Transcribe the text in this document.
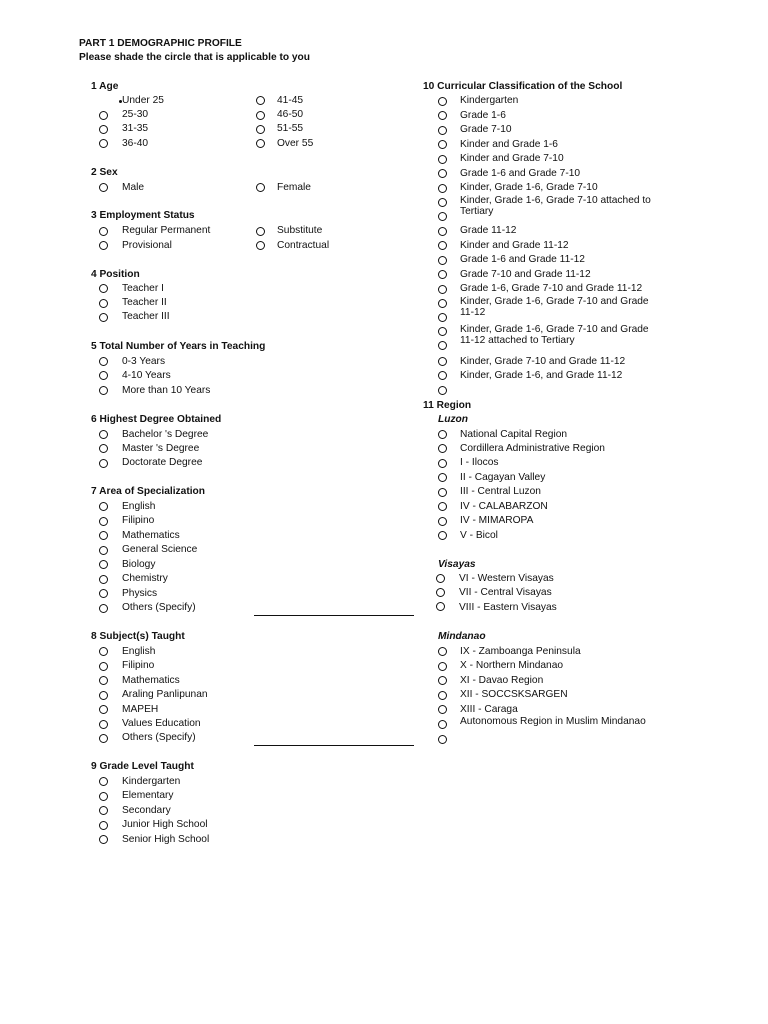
PART 1 DEMOGRAPHIC PROFILE
Please shade the circle that is applicable to you
1 Age
Under 25
25-30
31-35
36-40
41-45
46-50
51-55
Over 55
2 Sex
Male	Female
3 Employment Status
Regular Permanent
Provisional
Substitute
Contractual
4 Position
Teacher I
Teacher II
Teacher III
5 Total Number of Years in Teaching
0-3 Years
4-10 Years
More than 10 Years
6 Highest Degree Obtained
Bachelor 's Degree
Master 's Degree
Doctorate Degree
7 Area of Specialization
English
Filipino
Mathematics
General Science
Biology
Chemistry
Physics
Others (Specify)
8 Subject(s) Taught
English
Filipino
Mathematics
Araling Panlipunan
MAPEH
Values Education
Others (Specify)
9 Grade Level Taught
Kindergarten
Elementary
Secondary
Junior High School
Senior High School
10 Curricular Classification of the School
Kindergarten
Grade 1-6
Grade 7-10
Kinder and Grade 1-6
Kinder and Grade 7-10
Grade 1-6 and Grade 7-10
Kinder, Grade 1-6, Grade 7-10
Kinder, Grade 1-6, Grade 7-10 attached to
Tertiary
Grade 11-12
Kinder and Grade 11-12
Grade 1-6 and Grade 11-12
Grade 7-10 and Grade 11-12
Grade 1-6, Grade 7-10 and Grade 11-12
Kinder, Grade 1-6, Grade 7-10 and Grade
11-12
Kinder, Grade 1-6, Grade 7-10 and Grade
11-12 attached to Tertiary
Kinder, Grade 7-10 and Grade 11-12
Kinder, Grade 1-6, and Grade 11-12
11 Region
Luzon
National Capital Region
Cordillera Administrative Region
I - Ilocos
II - Cagayan Valley
III - Central Luzon
IV - CALABARZON
IV - MIMAROPA
V - Bicol
Visayas
VI - Western Visayas
VII - Central Visayas
VIII - Eastern Visayas
Mindanao
IX - Zamboanga Peninsula
X - Northern Mindanao
XI - Davao Region
XII - SOCCSKSARGEN
XIII - Caraga
Autonomous Region in Muslim Mindanao
